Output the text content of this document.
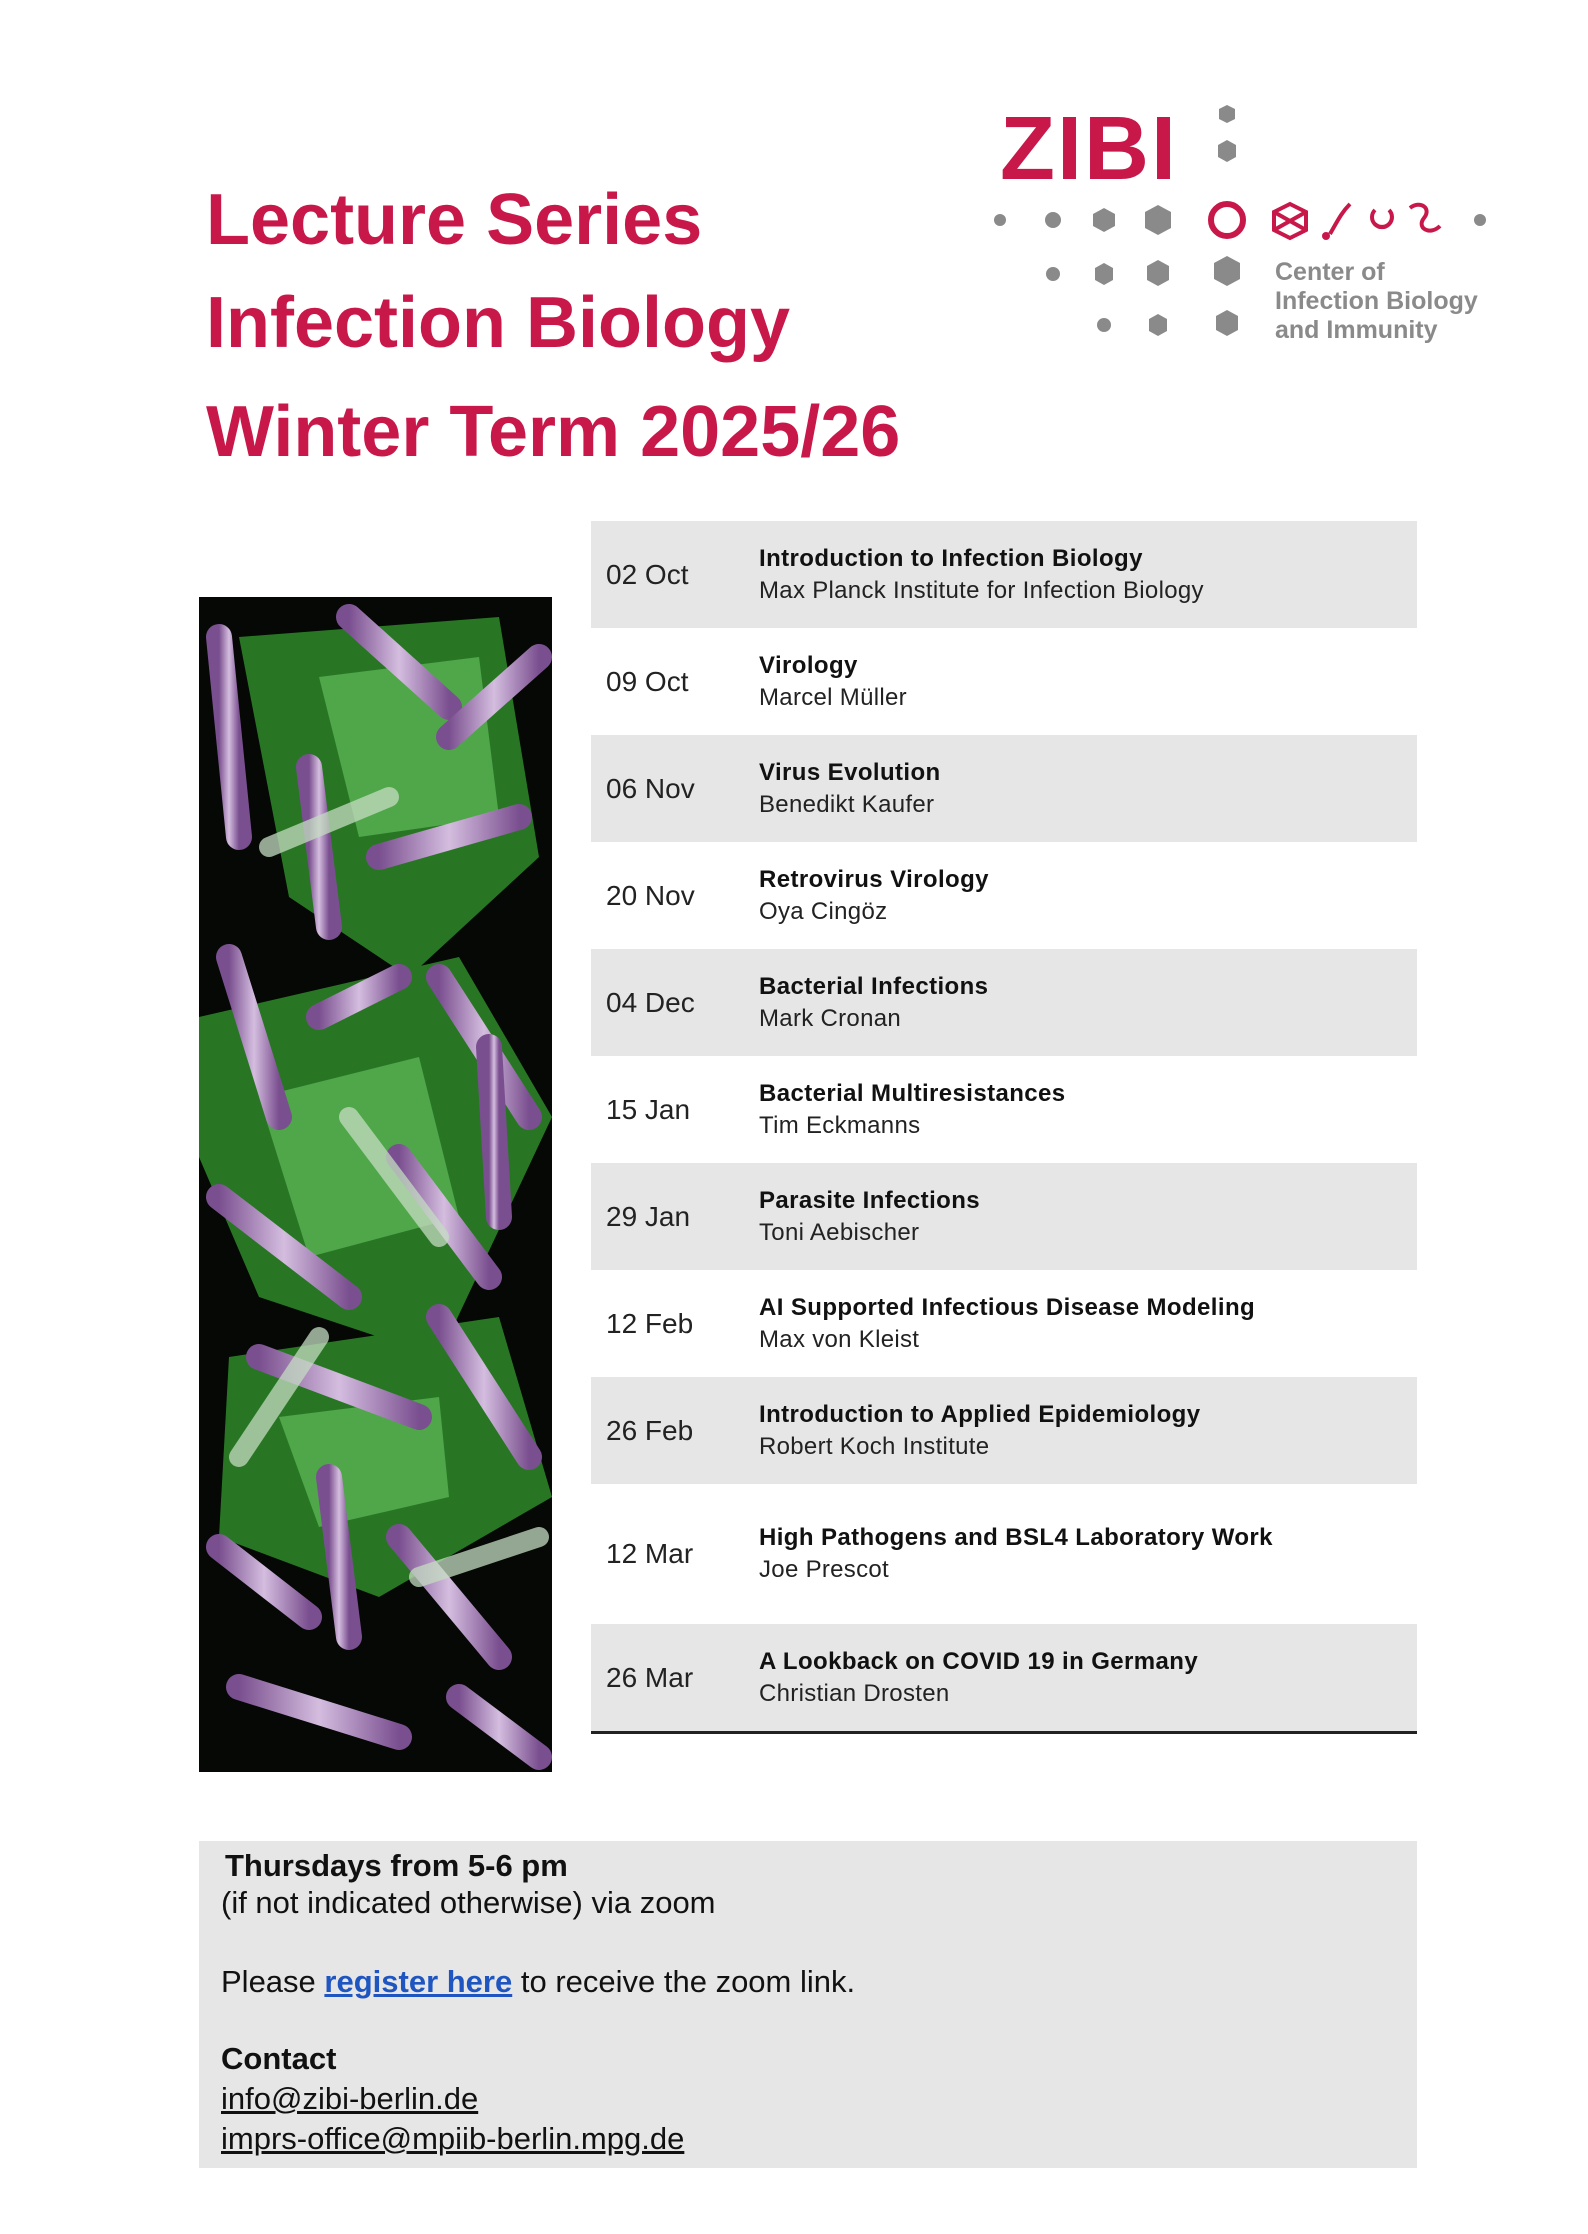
Lecture Series
Infection Biology
Winter Term 2025/26
ZIBI
Center of
Infection Biology
and Immunity
02 Oct
Introduction to Infection Biology
Max Planck Institute for Infection Biology
09 Oct
Virology
Marcel Müller
06 Nov
Virus Evolution
Benedikt Kaufer
20 Nov
Retrovirus Virology
Oya Cingöz
04 Dec
Bacterial Infections
Mark Cronan
15 Jan
Bacterial Multiresistances
Tim Eckmanns
29 Jan
Parasite Infections
Toni Aebischer
12 Feb
AI Supported Infectious Disease Modeling
Max von Kleist
26 Feb
Introduction to Applied Epidemiology
Robert Koch Institute
12 Mar
High Pathogens and BSL4 Laboratory Work
Joe Prescot
26 Mar
A Lookback on COVID 19 in Germany
Christian Drosten
Thursdays from 5-6 pm
(if not indicated otherwise) via zoom
Please register here to receive the zoom link.
Contact
info@zibi-berlin.de
imprs-office@mpiib-berlin.mpg.de
